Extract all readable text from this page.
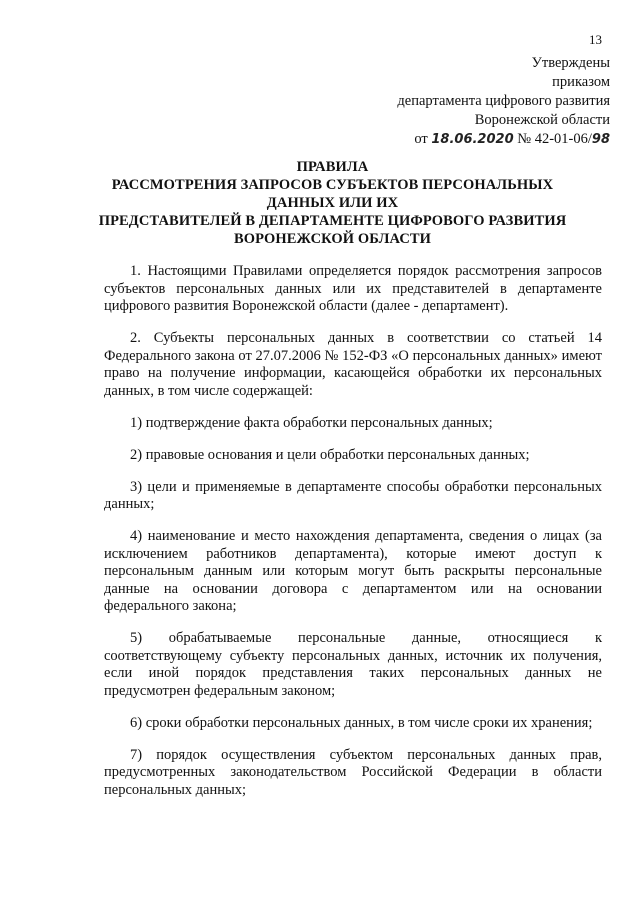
13
Утверждены
приказом
департамента цифрового развития
Воронежской области
от 18.06.2020 № 42-01-06/98
ПРАВИЛА
РАССМОТРЕНИЯ ЗАПРОСОВ СУБЪЕКТОВ ПЕРСОНАЛЬНЫХ
ДАННЫХ ИЛИ ИХ
ПРЕДСТАВИТЕЛЕЙ В ДЕПАРТАМЕНТЕ ЦИФРОВОГО РАЗВИТИЯ
ВОРОНЕЖСКОЙ ОБЛАСТИ

1. Настоящими Правилами определяется порядок рассмотрения запросов субъектов персональных данных или их представителей в департаменте цифрового развития Воронежской области (далее - департамент).

2. Субъекты персональных данных в соответствии со статьей 14 Федерального закона от 27.07.2006 № 152-ФЗ «О персональных данных» имеют право на получение информации, касающейся обработки их персональных данных, в том числе содержащей:

1) подтверждение факта обработки персональных данных;

2) правовые основания и цели обработки персональных данных;

3) цели и применяемые в департаменте способы обработки персональных данных;

4) наименование и место нахождения департамента, сведения о лицах (за исключением работников департамента), которые имеют доступ к персональным данным или которым могут быть раскрыты персональные данные на основании договора с департаментом или на основании федерального закона;

5) обрабатываемые персональные данные, относящиеся к соответствующему субъекту персональных данных, источник их получения, если иной порядок представления таких персональных данных не предусмотрен федеральным законом;

6) сроки обработки персональных данных, в том числе сроки их хранения;

7) порядок осуществления субъектом персональных данных прав, предусмотренных законодательством Российской Федерации в области персональных данных;
